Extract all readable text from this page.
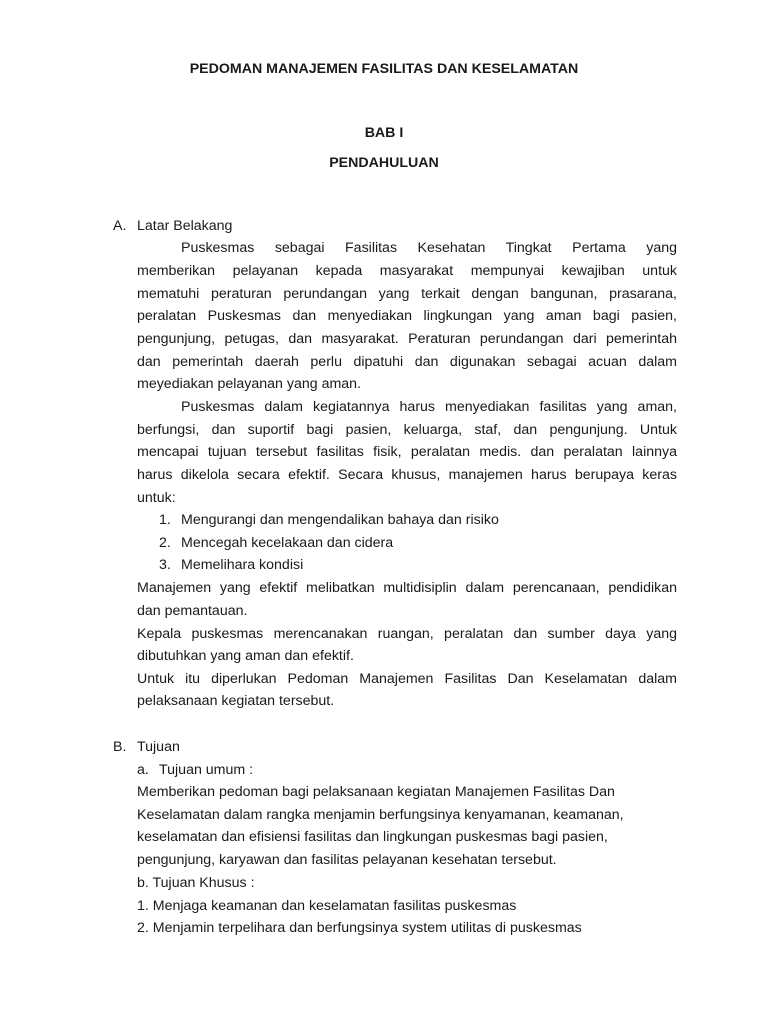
PEDOMAN MANAJEMEN FASILITAS DAN KESELAMATAN
BAB I
PENDAHULUAN
A. Latar Belakang
Puskesmas sebagai Fasilitas Kesehatan Tingkat Pertama yang
memberikan pelayanan kepada masyarakat mempunyai kewajiban untuk
mematuhi peraturan perundangan yang terkait dengan bangunan, prasarana,
peralatan Puskesmas dan menyediakan lingkungan yang aman bagi pasien,
pengunjung, petugas, dan masyarakat. Peraturan perundangan dari pemerintah
dan pemerintah daerah perlu dipatuhi dan digunakan sebagai acuan dalam
meyediakan pelayanan yang aman.
Puskesmas dalam kegiatannya harus menyediakan fasilitas yang aman,
berfungsi, dan suportif bagi pasien, keluarga, staf, dan pengunjung. Untuk
mencapai tujuan tersebut fasilitas fisik, peralatan medis. dan peralatan lainnya
harus dikelola secara efektif. Secara khusus, manajemen harus berupaya keras
untuk:
1. Mengurangi dan mengendalikan bahaya dan risiko
2. Mencegah kecelakaan dan cidera
3. Memelihara kondisi
Manajemen yang efektif melibatkan multidisiplin dalam perencanaan, pendidikan
dan pemantauan.
Kepala puskesmas merencanakan ruangan, peralatan dan sumber daya yang
dibutuhkan yang aman dan efektif.
Untuk itu diperlukan Pedoman Manajemen Fasilitas Dan Keselamatan dalam
pelaksanaan kegiatan tersebut.
B. Tujuan
a. Tujuan umum :
Memberikan pedoman bagi pelaksanaan kegiatan Manajemen Fasilitas Dan
Keselamatan dalam rangka menjamin berfungsinya kenyamanan, keamanan,
keselamatan dan efisiensi fasilitas dan lingkungan puskesmas bagi pasien,
pengunjung, karyawan dan fasilitas pelayanan kesehatan tersebut.
b. Tujuan Khusus :
1. Menjaga keamanan dan keselamatan fasilitas puskesmas
2. Menjamin terpelihara dan berfungsinya system utilitas di puskesmas
